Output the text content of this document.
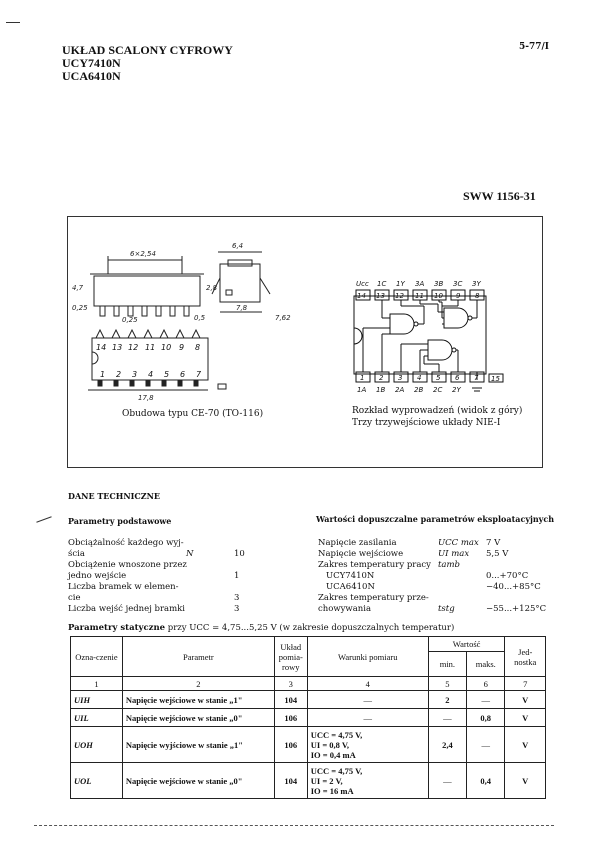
UKŁAD SCALONY CYFROWY
UCY7410N
UCA6410N
5-77/I
SWW 1156-31
6×2,54
6,4
7,8
17,8
7,62
4,7	2,8
0,5
0,25
0,25
14 13 12 11 10 9 8
1 2 3 4 5 6 7
Obudowa typu CE-70 (TO-116)
Ucc 1C 1Y 3A 3B 3C 3Y
14 13 12 11 10 9 8
1 2 3 4 5 6 7 15
1A 1B 2A 2B 2C 2Y
Rozkład wyprowadzeń (widok z góry)
Trzy trzywejściowe układy NIE-I
DANE TECHNICZNE
Parametry podstawowe	Wartości dopuszczalne parametrów eksploatacyjnych
Obciążalność każdego wyj-
ścia	N	10
Obciążenie wnoszone przez
jedno wejście	1
Liczba bramek w elemen-
cie	3
Liczba wejść jednej bramki	3
Napięcie zasilania	UCC max 7 V
Napięcie wejściowe	UI max 5,5 V
Zakres temperatury pracy tamb
UCY7410N	0...+70°C
UCA6410N	−40...+85°C
Zakres temperatury prze-
chowywania	tstg	−55...+125°C
Parametry statyczne przy UCC = 4,75...5,25 V (w zakresie dopuszczalnych temperatur)
Ozna-czenie	Parametr	Układ pomia-rowy	Warunki pomiaru	Wartość		Jed-nostka
				min.	maks.	
1	2	3	4	5	6	7
UIH	Napięcie wejściowe w stanie „1"	104	—	2	—	V
UIL	Napięcie wejściowe w stanie „0"	106	—	—	0,8	V
UOH	Napięcie wyjściowe w stanie „1"	106	UCC = 4,75 V,
UI = 0,8 V,
IO = 0,4 mA	2,4	—	V
UOL	Napięcie wejściowe w stanie „0"	104	UCC = 4,75 V,
UI = 2 V,
IO = 16 mA	—	0,4	V
